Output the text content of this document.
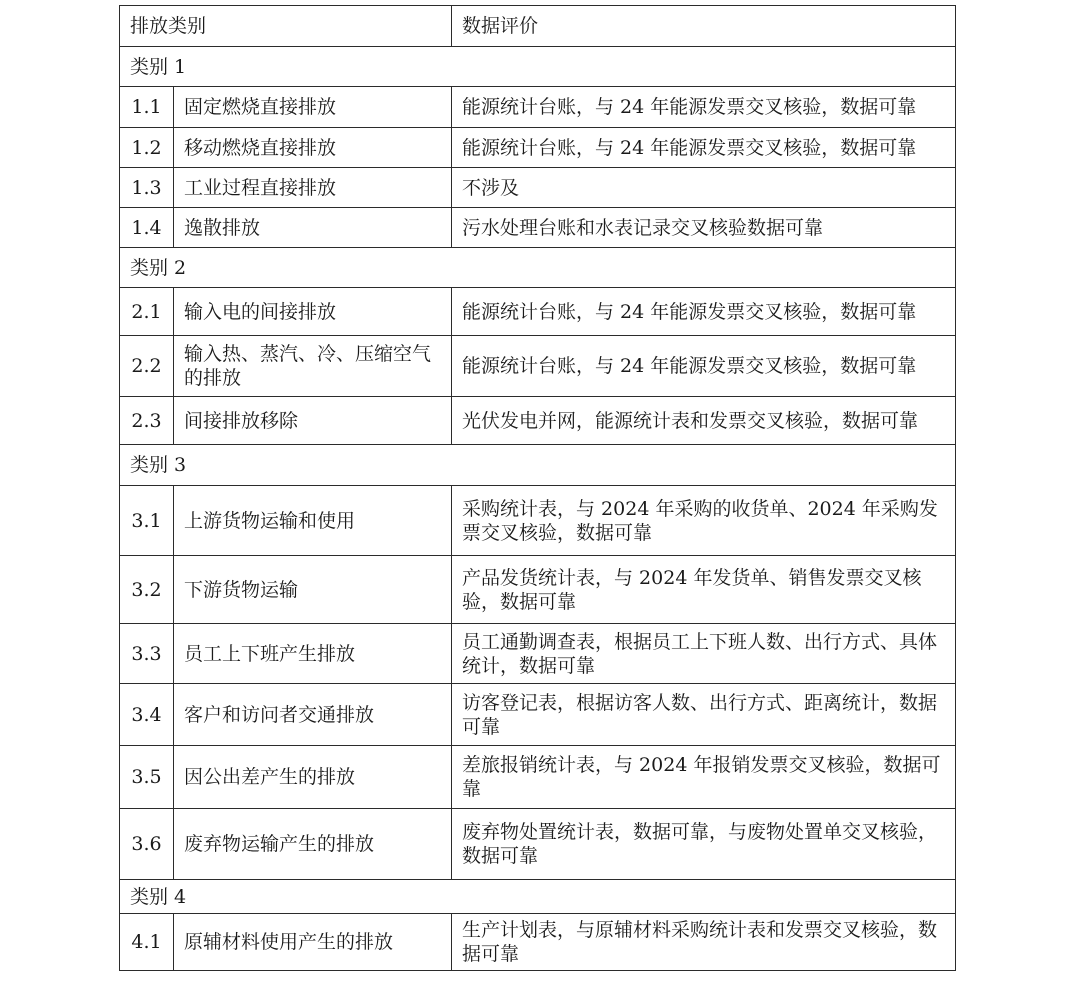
排放类别		数据评价
类别 1		
1.1	固定燃烧直接排放	能源统计台账，与 24 年能源发票交叉核验，数据可靠
1.2	移动燃烧直接排放	能源统计台账，与 24 年能源发票交叉核验，数据可靠
1.3	工业过程直接排放	不涉及
1.4	逸散排放	污水处理台账和水表记录交叉核验数据可靠
类别 2		
2.1	输入电的间接排放	能源统计台账，与 24 年能源发票交叉核验，数据可靠
2.2	输入热、蒸汽、冷、压缩空气的排放	能源统计台账，与 24 年能源发票交叉核验，数据可靠
2.3	间接排放移除	光伏发电并网，能源统计表和发票交叉核验，数据可靠
类别 3		
3.1	上游货物运输和使用	采购统计表，与 2024 年采购的收货单、2024 年采购发票交叉核验，数据可靠
3.2	下游货物运输	产品发货统计表，与 2024 年发货单、销售发票交叉核验，数据可靠
3.3	员工上下班产生排放	员工通勤调查表，根据员工上下班人数、出行方式、具体统计，数据可靠
3.4	客户和访问者交通排放	访客登记表，根据访客人数、出行方式、距离统计，数据可靠
3.5	因公出差产生的排放	差旅报销统计表，与 2024 年报销发票交叉核验，数据可靠
3.6	废弃物运输产生的排放	废弃物处置统计表，数据可靠，与废物处置单交叉核验，数据可靠
类别 4		
4.1	原辅材料使用产生的排放	生产计划表，与原辅材料采购统计表和发票交叉核验，数据可靠
